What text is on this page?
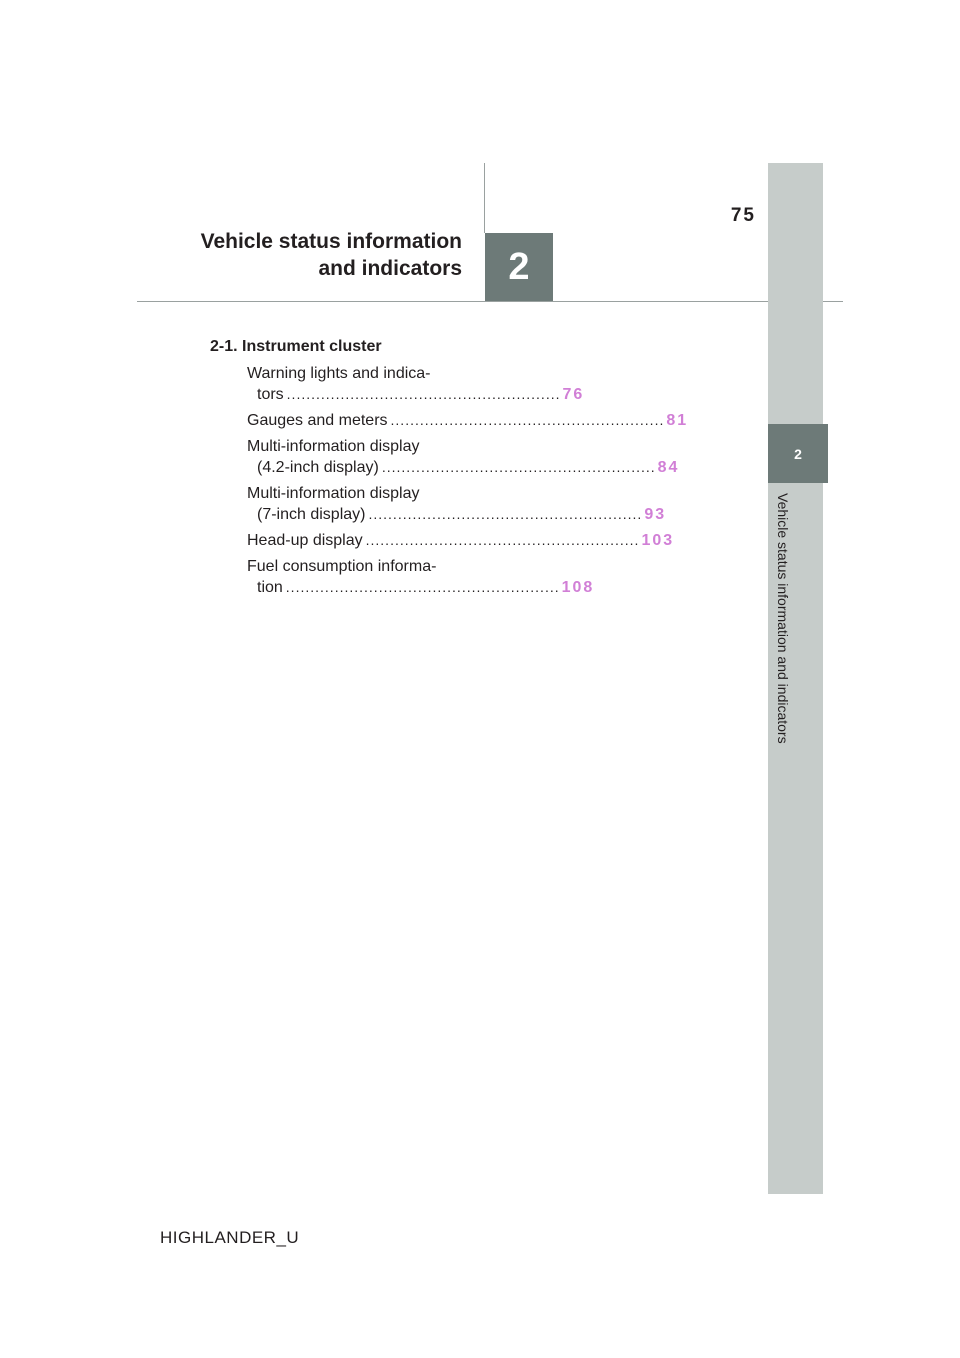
75
Vehicle status information
and indicators	2
2
Vehicle status information and indicators
2-1. Instrument cluster
Warning lights and indica-
tors ........................................................ 76
Gauges and meters ........................................................ 81
Multi-information display
(4.2-inch display) ........................................................ 84
Multi-information display
(7-inch display) ........................................................ 93
Head-up display ........................................................ 103
Fuel consumption informa-
tion ........................................................ 108
HIGHLANDER_U
